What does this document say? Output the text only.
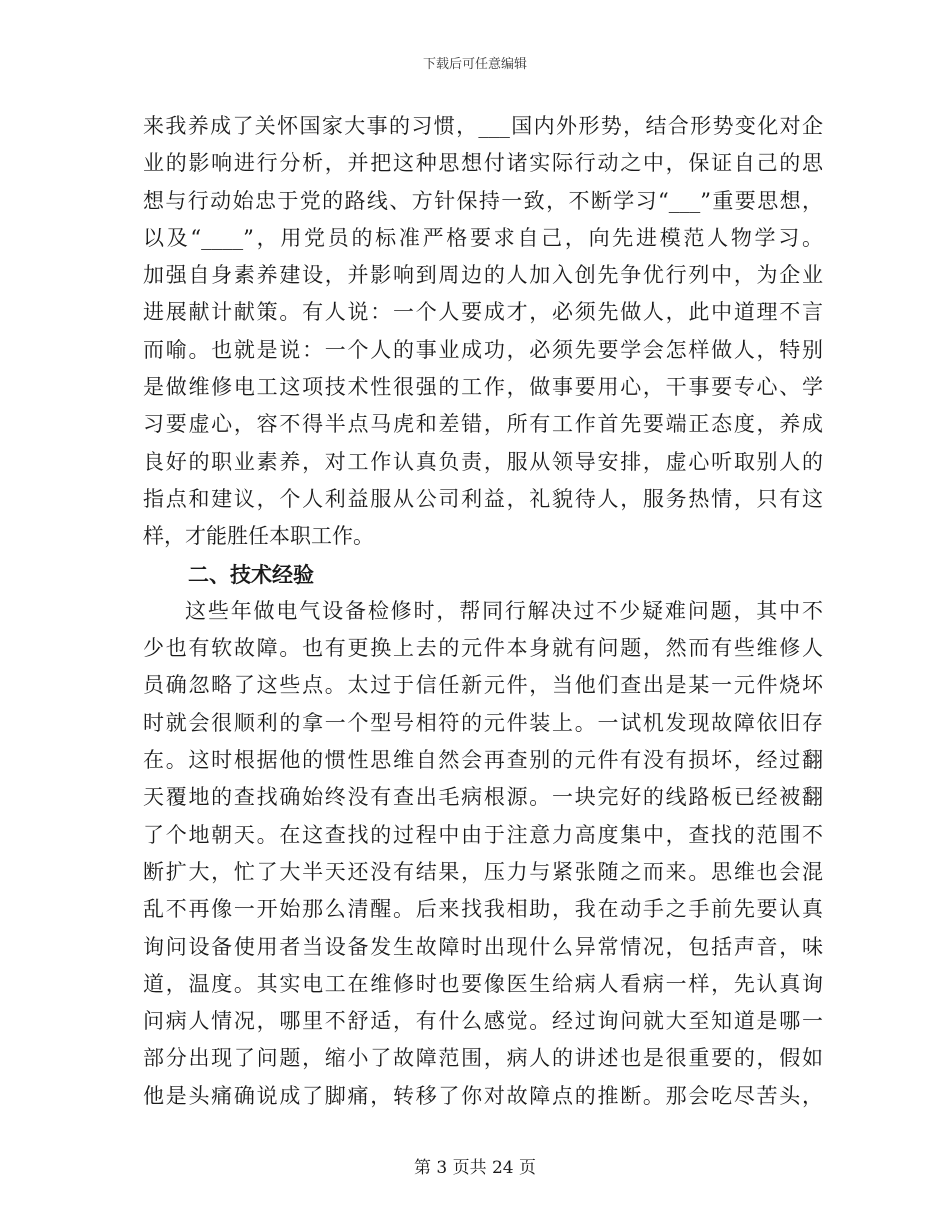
下载后可任意编辑
来我养成了关怀国家大事的习惯，___国内外形势，结合形势变化对企
业的影响进行分析，并把这种思想付诸实际行动之中，保证自己的思
想与行动始忠于党的路线、方针保持一致，不断学习“___”重要思想，
以及“____”，用党员的标准严格要求自己，向先进模范人物学习。
加强自身素养建设，并影响到周边的人加入创先争优行列中，为企业
进展献计献策。有人说：一个人要成才，必须先做人，此中道理不言
而喻。也就是说：一个人的事业成功，必须先要学会怎样做人，特别
是做维修电工这项技术性很强的工作，做事要用心，干事要专心、学
习要虚心，容不得半点马虎和差错，所有工作首先要端正态度，养成
良好的职业素养，对工作认真负责，服从领导安排，虚心听取别人的
指点和建议，个人利益服从公司利益，礼貌待人，服务热情，只有这
样，才能胜任本职工作。
二、技术经验
这些年做电气设备检修时，帮同行解决过不少疑难问题，其中不
少也有软故障。也有更换上去的元件本身就有问题，然而有些维修人
员确忽略了这些点。太过于信任新元件，当他们查出是某一元件烧坏
时就会很顺利的拿一个型号相符的元件装上。一试机发现故障依旧存
在。这时根据他的惯性思维自然会再查别的元件有没有损坏，经过翻
天覆地的查找确始终没有查出毛病根源。一块完好的线路板已经被翻
了个地朝天。在这查找的过程中由于注意力高度集中，查找的范围不
断扩大，忙了大半天还没有结果，压力与紧张随之而来。思维也会混
乱不再像一开始那么清醒。后来找我相助，我在动手之手前先要认真
询问设备使用者当设备发生故障时出现什么异常情况，包括声音，味
道，温度。其实电工在维修时也要像医生给病人看病一样，先认真询
问病人情况，哪里不舒适，有什么感觉。经过询问就大至知道是哪一
部分出现了问题，缩小了故障范围，病人的讲述也是很重要的，假如
他是头痛确说成了脚痛，转移了你对故障点的推断。那会吃尽苦头，
第 3 页共 24 页
